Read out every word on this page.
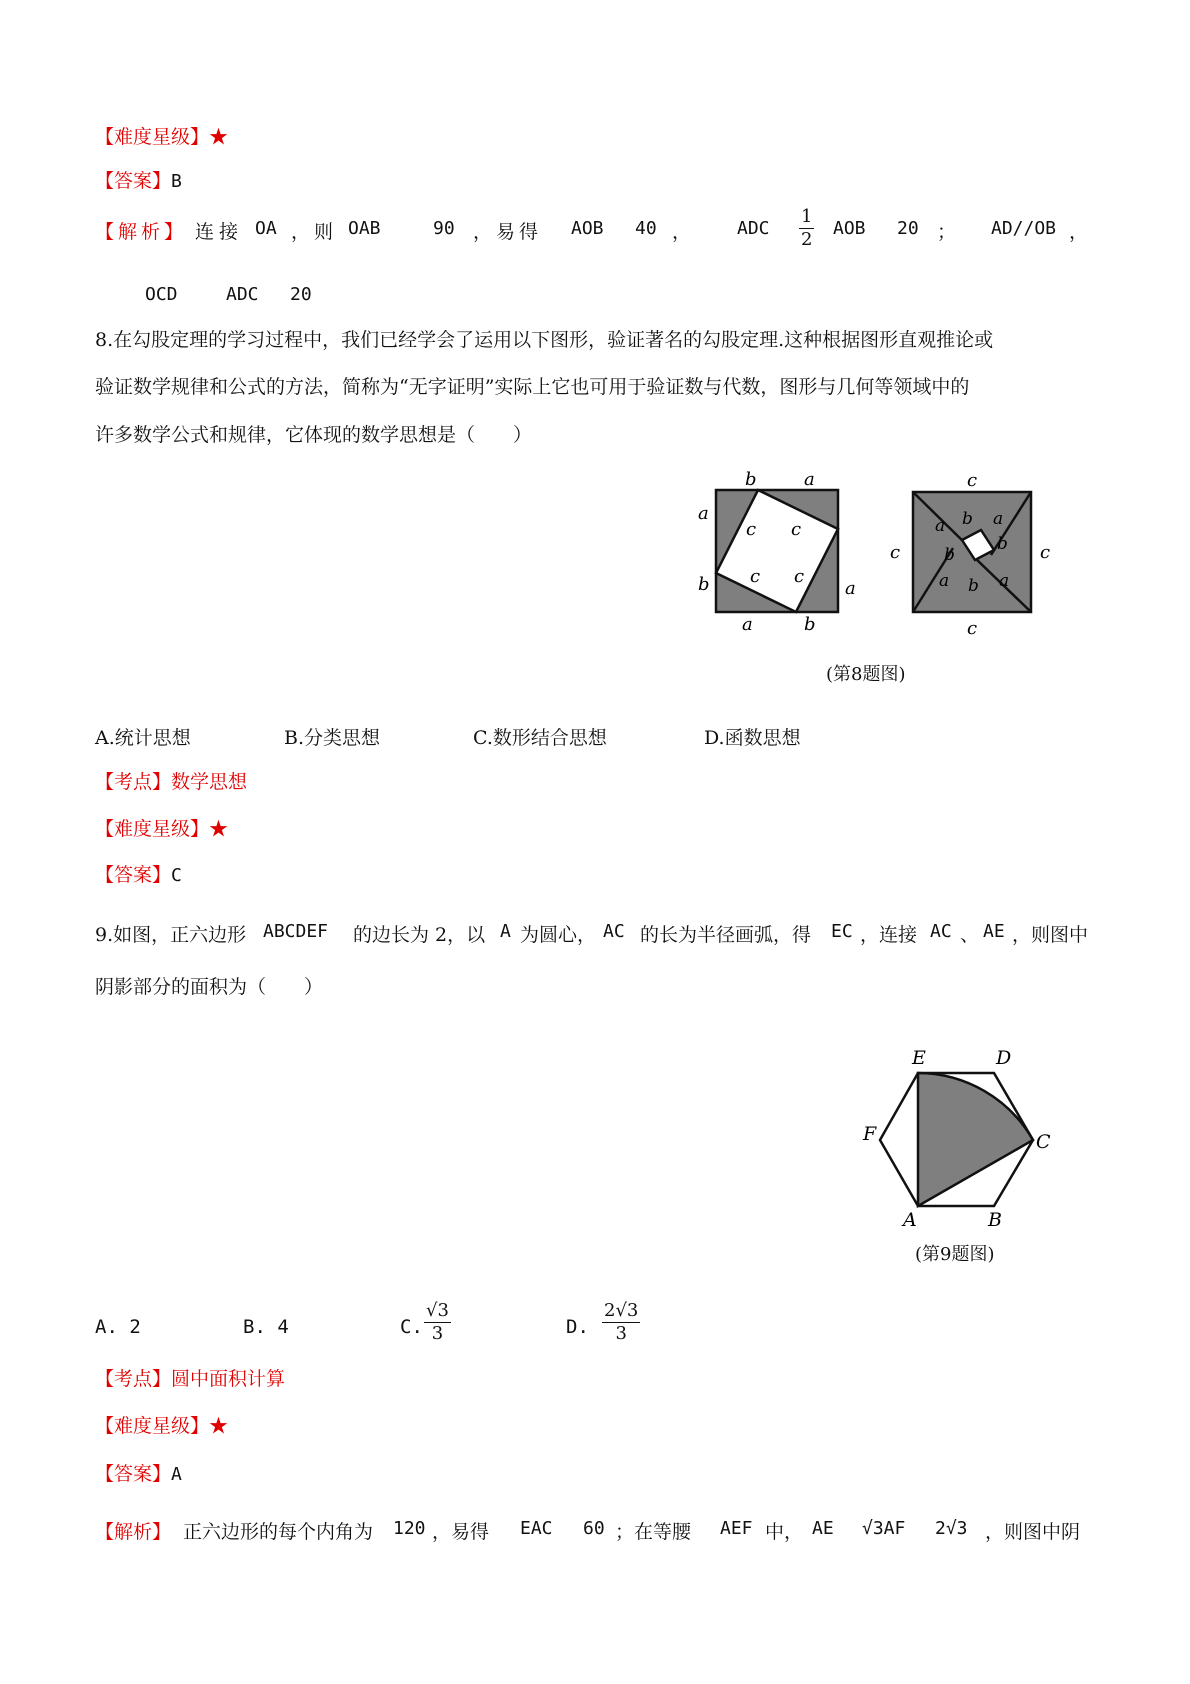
【难度星级】★
【答案】B
【解析】 连接 OA ，则 OAB	90 ，易得 AOB 40 ，	ADC $\frac{1}{2}$ AOB 20 ； AD//OB ，
OCD	ADC 20
8.在勾股定理的学习过程中，我们已经学会了运用以下图形，验证著名的勾股定理.这种根据图形直观推论或
验证数学规律和公式的方法，简称为“无字证明”实际上它也可用于验证数与代数，图形与几何等领域中的
许多数学公式和规律，它体现的数学思想是（　　）
b	a
a
b	a
a	b
c c
c c
c
c
c	c
a b a
b
b
a b a
(第8题图)
A.统计思想	B.分类思想	C.数形结合思想	D.函数思想
【考点】数学思想
【难度星级】★
【答案】C
9.如图，正六边形 ABCDEF 的边长为 2，以 A 为圆心， AC 的长为半径画弧，得 EC ，连接 AC 、 AE ，则图中
阴影部分的面积为（　　）
E	D
F	C
A	B
(第9题图)
A. 2	B. 4	C. $\frac{√3}{3}$	D. $\frac{2√3}{3}$
【考点】圆中面积计算
【难度星级】★
【答案】A
【解析】 正六边形的每个内角为 120 ，易得 EAC 60 ；在等腰 AEF 中， AE √3AF 2√3 ，则图中阴
